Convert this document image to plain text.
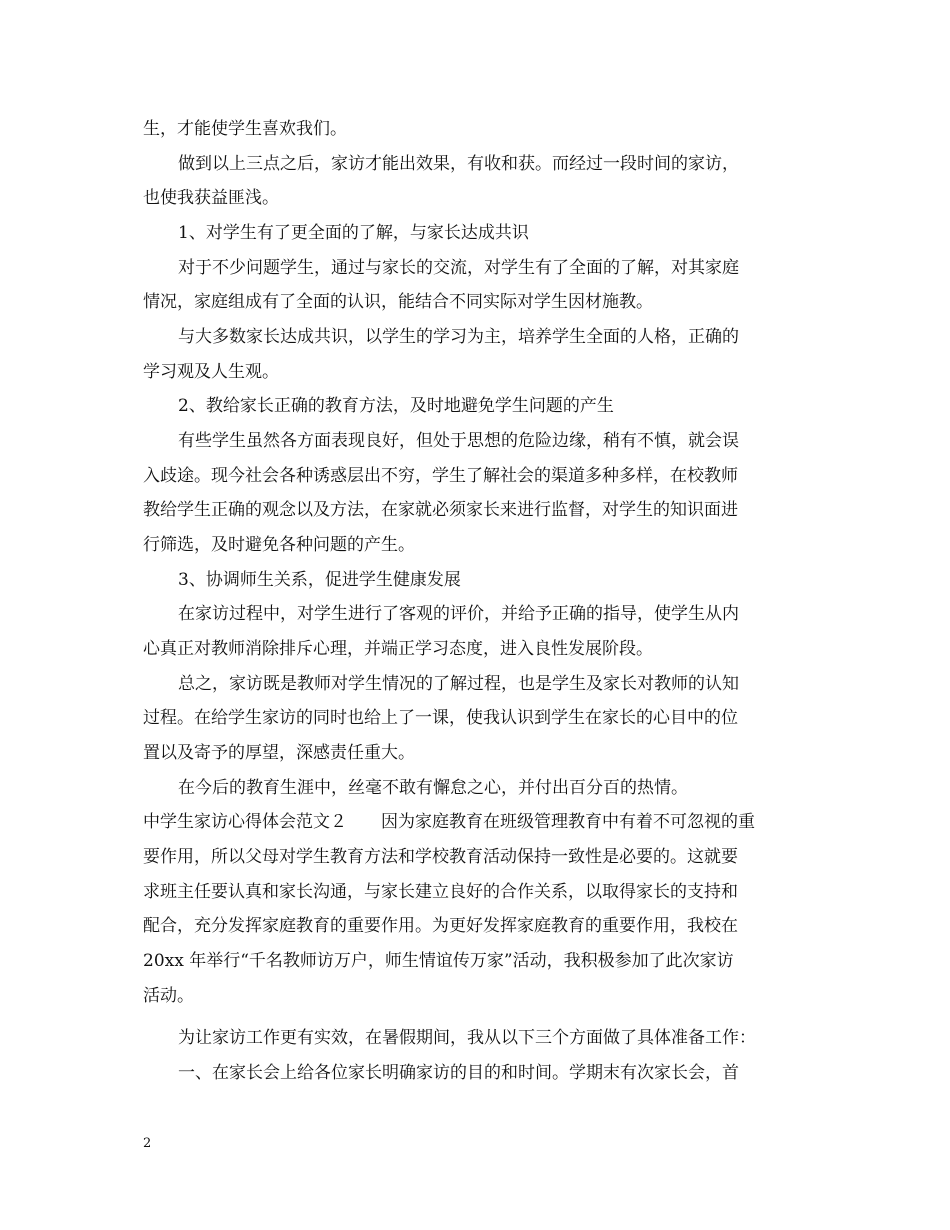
生，才能使学生喜欢我们。
做到以上三点之后，家访才能出效果，有收和获。而经过一段时间的家访，
也使我获益匪浅。
1、对学生有了更全面的了解，与家长达成共识
对于不少问题学生，通过与家长的交流，对学生有了全面的了解，对其家庭
情况，家庭组成有了全面的认识，能结合不同实际对学生因材施教。
与大多数家长达成共识，以学生的学习为主，培养学生全面的人格，正确的
学习观及人生观。
2、教给家长正确的教育方法，及时地避免学生问题的产生
有些学生虽然各方面表现良好，但处于思想的危险边缘，稍有不慎，就会误
入歧途。现今社会各种诱惑层出不穷，学生了解社会的渠道多种多样，在校教师
教给学生正确的观念以及方法，在家就必须家长来进行监督，对学生的知识面进
行筛选，及时避免各种问题的产生。
3、协调师生关系，促进学生健康发展
在家访过程中，对学生进行了客观的评价，并给予正确的指导，使学生从内
心真正对教师消除排斥心理，并端正学习态度，进入良性发展阶段。
总之，家访既是教师对学生情况的了解过程，也是学生及家长对教师的认知
过程。在给学生家访的同时也给上了一课，使我认识到学生在家长的心目中的位
置以及寄予的厚望，深感责任重大。
在今后的教育生涯中，丝毫不敢有懈怠之心，并付出百分百的热情。
中学生家访心得体会范文２ 因为家庭教育在班级管理教育中有着不可忽视的重
要作用，所以父母对学生教育方法和学校教育活动保持一致性是必要的。这就要
求班主任要认真和家长沟通，与家长建立良好的合作关系，以取得家长的支持和
配合，充分发挥家庭教育的重要作用。为更好发挥家庭教育的重要作用，我校在
20xx 年举行“千名教师访万户，师生情谊传万家”活动，我积极参加了此次家访
活动。
为让家访工作更有实效，在暑假期间，我从以下三个方面做了具体准备工作：
一、在家长会上给各位家长明确家访的目的和时间。学期末有次家长会，首
2
